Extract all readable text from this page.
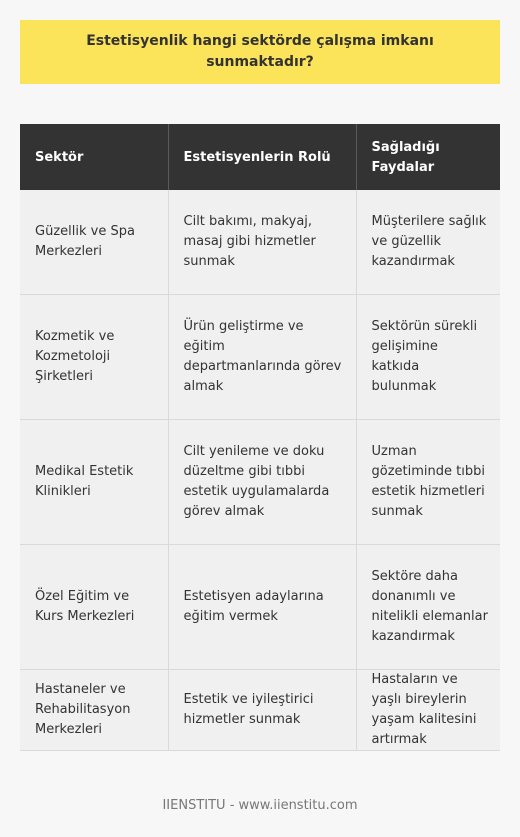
Estetisyenlik hangi sektörde çalışma imkanı sunmaktadır?
Sektör	Estetisyenlerin Rolü	Sağladığı Faydalar
Güzellik ve Spa Merkezleri	Cilt bakımı, makyaj, masaj gibi hizmetler sunmak	Müşterilere sağlık ve güzellik kazandırmak
Kozmetik ve Kozmetoloji Şirketleri	Ürün geliştirme ve eğitim departmanlarında görev almak	Sektörün sürekli gelişimine katkıda bulunmak
Medikal Estetik Klinikleri	Cilt yenileme ve doku düzeltme gibi tıbbi estetik uygulamalarda görev almak	Uzman gözetiminde tıbbi estetik hizmetleri sunmak
Özel Eğitim ve Kurs Merkezleri	Estetisyen adaylarına eğitim vermek	Sektöre daha donanımlı ve nitelikli elemanlar kazandırmak
Hastaneler ve Rehabilitasyon Merkezleri	Estetik ve iyileştirici hizmetler sunmak	Hastaların ve yaşlı bireylerin yaşam kalitesini artırmak
IIENSTITU - www.iienstitu.com
